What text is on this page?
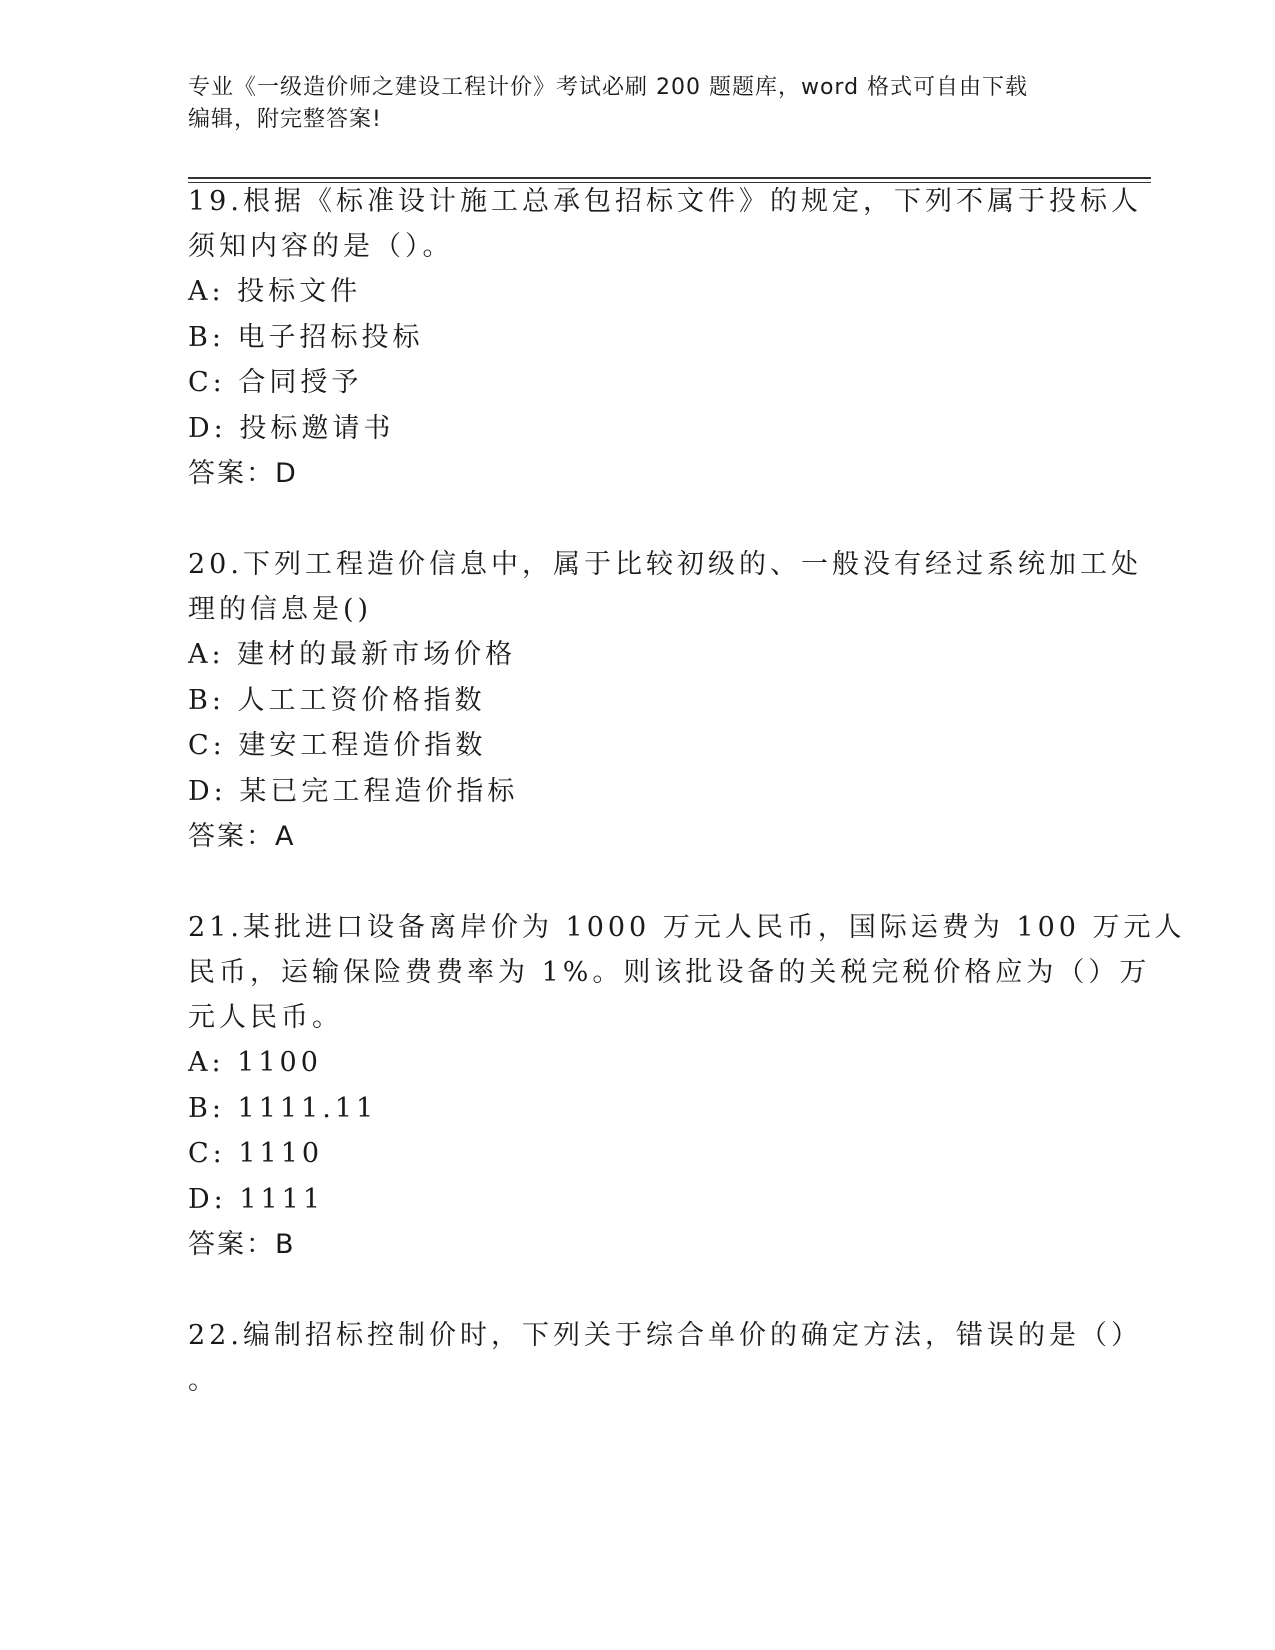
专业《一级造价师之建设工程计价》考试必刷 200 题题库，word 格式可自由下载
编辑，附完整答案!
19.根据《标准设计施工总承包招标文件》的规定，下列不属于投标人
须知内容的是（）。
A: 投标文件
B: 电子招标投标
C: 合同授予
D: 投标邀请书
答案：D
20.下列工程造价信息中，属于比较初级的、一般没有经过系统加工处
理的信息是()
A: 建材的最新市场价格
B: 人工工资价格指数
C: 建安工程造价指数
D: 某已完工程造价指标
答案：A
21.某批进口设备离岸价为 1000 万元人民币，国际运费为 100 万元人
民币，运输保险费费率为 1%。则该批设备的关税完税价格应为（）万
元人民币。
A: 1100
B: 1111.11
C: 1110
D: 1111
答案：B
22.编制招标控制价时，下列关于综合单价的确定方法，错误的是（）
。
